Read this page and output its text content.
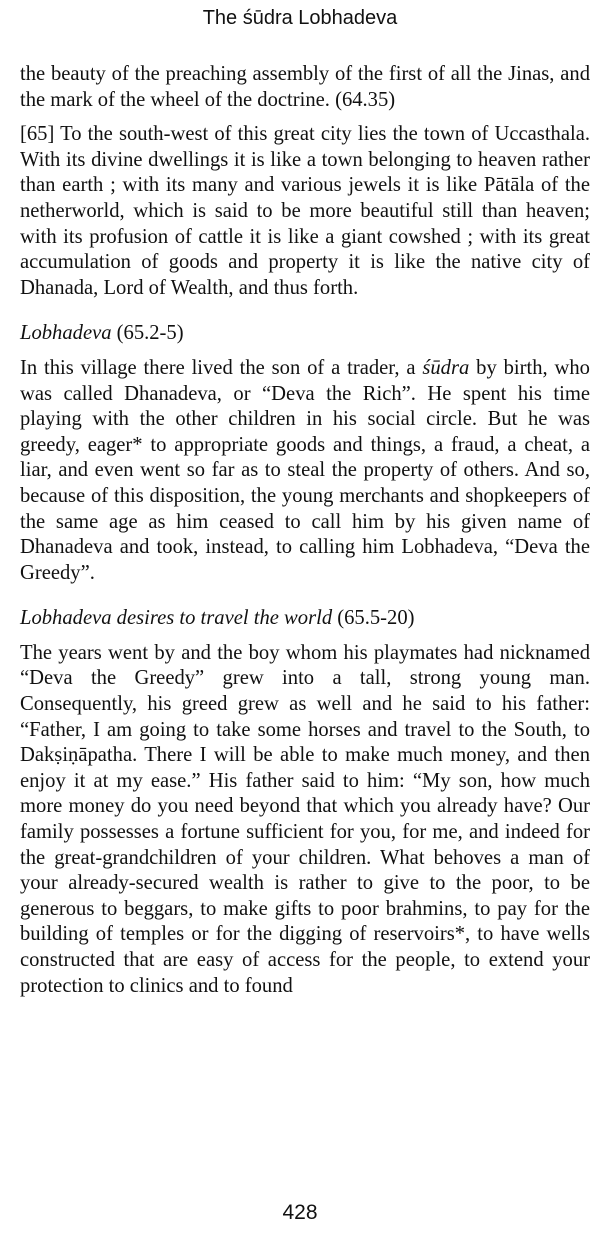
The śūdra Lobhadeva

the beauty of the preaching assembly of the first of all the Jinas, and the mark of the wheel of the doctrine. (64.35)

[65] To the south-west of this great city lies the town of Uccasthala. With its divine dwellings it is like a town belonging to heaven rather than earth ; with its many and various jewels it is like Pātāla of the netherworld, which is said to be more beautiful still than heaven; with its profusion of cattle it is like a giant cowshed ; with its great accumulation of goods and property it is like the native city of Dhanada, Lord of Wealth, and thus forth.

Lobhadeva (65.2-5)

In this village there lived the son of a trader, a śūdra by birth, who was called Dhanadeva, or “Deva the Rich”. He spent his time playing with the other children in his social circle. But he was greedy, eager* to appropriate goods and things, a fraud, a cheat, a liar, and even went so far as to steal the property of others. And so, because of this disposition, the young merchants and shopkeepers of the same age as him ceased to call him by his given name of Dhanadeva and took, instead, to calling him Lobhadeva, “Deva the Greedy”.

Lobhadeva desires to travel the world (65.5-20)

The years went by and the boy whom his playmates had nicknamed “Deva the Greedy” grew into a tall, strong young man. Consequently, his greed grew as well and he said to his father: “Father, I am going to take some horses and travel to the South, to Dakṣiṇāpatha. There I will be able to make much money, and then enjoy it at my ease.” His father said to him: “My son, how much more money do you need beyond that which you already have? Our family possesses a fortune sufficient for you, for me, and indeed for the great-grandchildren of your children. What behoves a man of your already-secured wealth is rather to give to the poor, to be generous to beggars, to make gifts to poor brahmins, to pay for the building of temples or for the digging of reservoirs*, to have wells constructed that are easy of access for the people, to extend your protection to clinics and to found

428
